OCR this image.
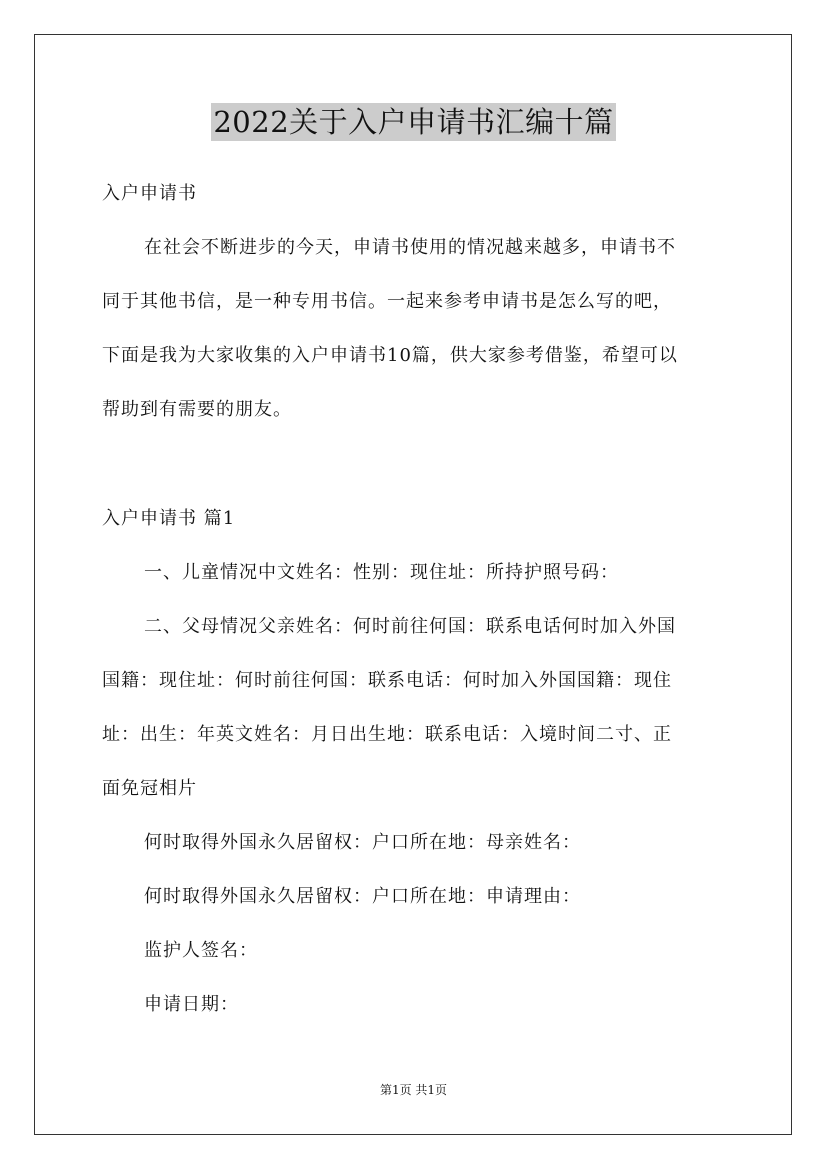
2022关于入户申请书汇编十篇
入户申请书
在社会不断进步的今天，申请书使用的情况越来越多，申请书不
同于其他书信，是一种专用书信。一起来参考申请书是怎么写的吧，
下面是我为大家收集的入户申请书10篇，供大家参考借鉴，希望可以
帮助到有需要的朋友。
入户申请书 篇1
一、儿童情况中文姓名：性别：现住址：所持护照号码：
二、父母情况父亲姓名：何时前往何国：联系电话何时加入外国
国籍：现住址：何时前往何国：联系电话：何时加入外国国籍：现住
址：出生：年英文姓名：月日出生地：联系电话：入境时间二寸、正
面免冠相片
何时取得外国永久居留权：户口所在地：母亲姓名：
何时取得外国永久居留权：户口所在地：申请理由：
监护人签名：
申请日期：
第1页 共1页
